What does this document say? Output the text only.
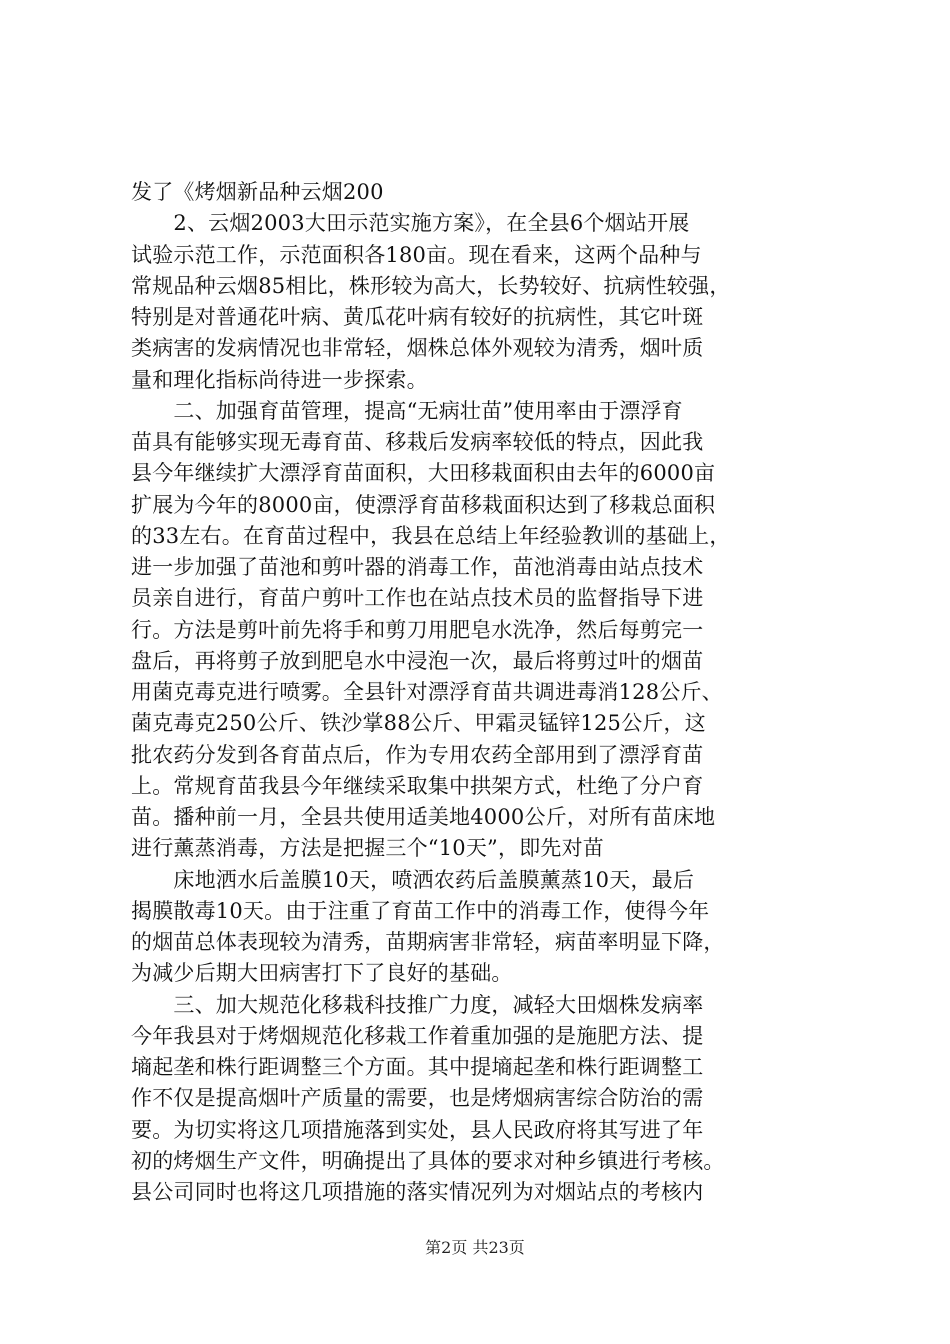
发了《烤烟新品种云烟200
　　2、云烟2003大田示范实施方案》，在全县6个烟站开展
试验示范工作，示范面积各180亩。现在看来，这两个品种与
常规品种云烟85相比，株形较为高大，长势较好、抗病性较强，
特别是对普通花叶病、黄瓜花叶病有较好的抗病性，其它叶斑
类病害的发病情况也非常轻，烟株总体外观较为清秀，烟叶质
量和理化指标尚待进一步探索。
　　二、加强育苗管理，提高“无病壮苗”使用率由于漂浮育
苗具有能够实现无毒育苗、移栽后发病率较低的特点，因此我
县今年继续扩大漂浮育苗面积，大田移栽面积由去年的6000亩
扩展为今年的8000亩，使漂浮育苗移栽面积达到了移栽总面积
的33左右。在育苗过程中，我县在总结上年经验教训的基础上，
进一步加强了苗池和剪叶器的消毒工作，苗池消毒由站点技术
员亲自进行，育苗户剪叶工作也在站点技术员的监督指导下进
行。方法是剪叶前先将手和剪刀用肥皂水洗净，然后每剪完一
盘后，再将剪子放到肥皂水中浸泡一次，最后将剪过叶的烟苗
用菌克毒克进行喷雾。全县针对漂浮育苗共调进毒消128公斤、
菌克毒克250公斤、铁沙掌88公斤、甲霜灵锰锌125公斤，这
批农药分发到各育苗点后，作为专用农药全部用到了漂浮育苗
上。常规育苗我县今年继续采取集中拱架方式，杜绝了分户育
苗。播种前一月，全县共使用适美地4000公斤，对所有苗床地
进行薰蒸消毒，方法是把握三个“10天”，即先对苗
　　床地洒水后盖膜10天，喷洒农药后盖膜薰蒸10天，最后
揭膜散毒10天。由于注重了育苗工作中的消毒工作，使得今年
的烟苗总体表现较为清秀，苗期病害非常轻，病苗率明显下降，
为减少后期大田病害打下了良好的基础。
　　三、加大规范化移栽科技推广力度，减轻大田烟株发病率
今年我县对于烤烟规范化移栽工作着重加强的是施肥方法、提
墒起垄和株行距调整三个方面。其中提墒起垄和株行距调整工
作不仅是提高烟叶产质量的需要，也是烤烟病害综合防治的需
要。为切实将这几项措施落到实处，县人民政府将其写进了年
初的烤烟生产文件，明确提出了具体的要求对种乡镇进行考核。
县公司同时也将这几项措施的落实情况列为对烟站点的考核内
第2页 共23页
